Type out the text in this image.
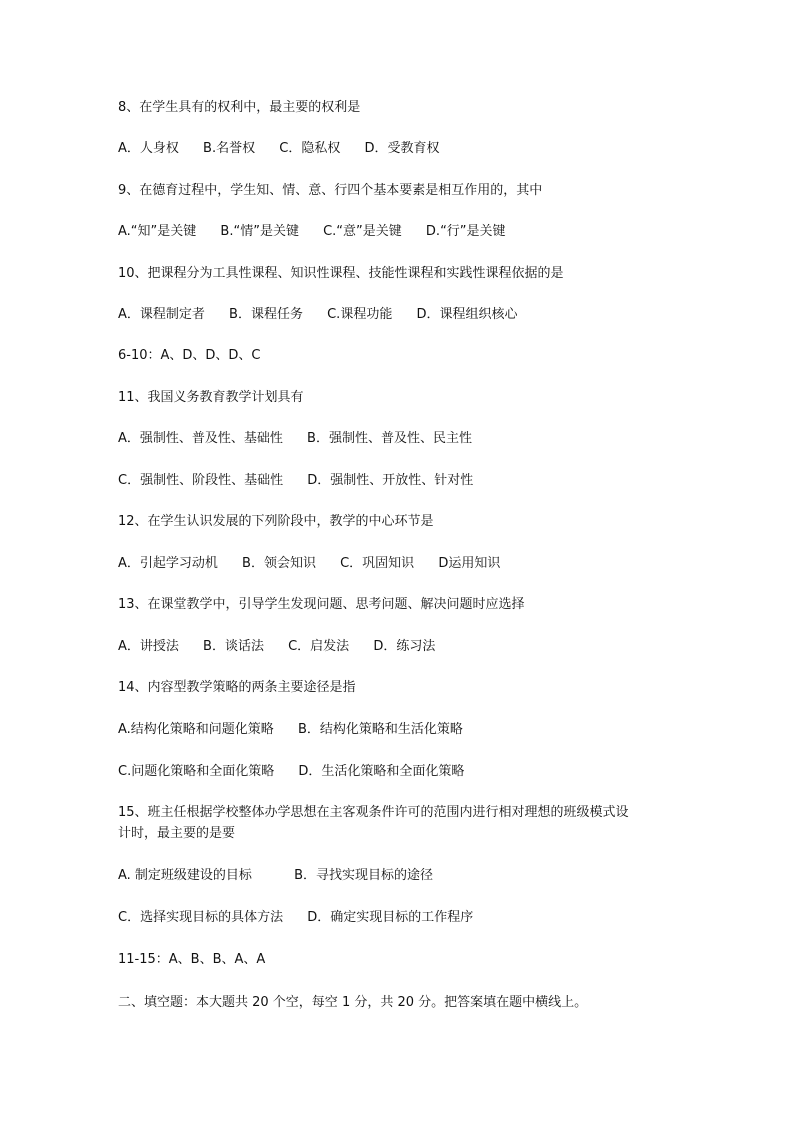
8、在学生具有的权利中，最主要的权利是
A．人身权 B.名誉权 C．隐私权 D．受教育权
9、在德育过程中，学生知、情、意、行四个基本要素是相互作用的，其中
A.“知”是关键 B.“情”是关键 C.“意”是关键 D.“行”是关键
10、把课程分为工具性课程、知识性课程、技能性课程和实践性课程依据的是
A．课程制定者 B．课程任务 C.课程功能 D．课程组织核心
6-10：A、D、D、D、C
11、我国义务教育教学计划具有
A．强制性、普及性、基础性 B．强制性、普及性、民主性
C．强制性、阶段性、基础性 D．强制性、开放性、针对性
12、在学生认识发展的下列阶段中，教学的中心环节是
A．引起学习动机 B．领会知识 C．巩固知识 D运用知识
13、在课堂教学中，引导学生发现问题、思考问题、解决问题时应选择
A．讲授法 B．谈话法 C．启发法 D．练习法
14、内容型教学策略的两条主要途径是指
A.结构化策略和问题化策略 B．结构化策略和生活化策略
C.问题化策略和全面化策略 D．生活化策略和全面化策略
15、班主任根据学校整体办学思想在主客观条件许可的范围内进行相对理想的班级模式设
计时，最主要的是要
A. 制定班级建设的目标	B．寻找实现目标的途径
C．选择实现目标的具体方法 D．确定实现目标的工作程序
11-15：A、B、B、A、A
二、填空题：本大题共 20 个空，每空 1 分，共 20 分。把答案填在题中横线上。
